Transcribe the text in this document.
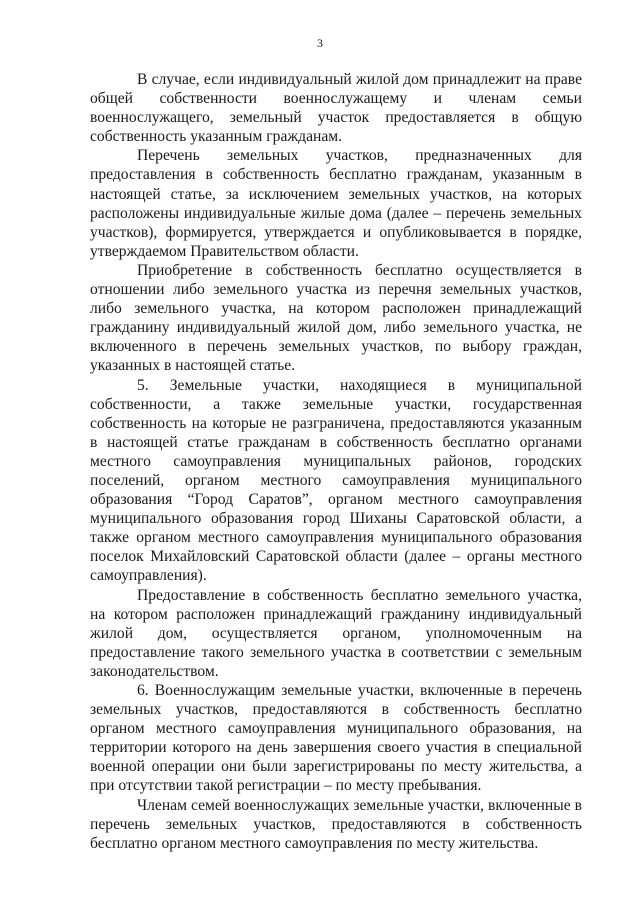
3

В случае, если индивидуальный жилой дом принадлежит на праве общей собственности военнослужащему и членам семьи военнослужащего, земельный участок предоставляется в общую собственность указанным гражданам.

Перечень земельных участков, предназначенных для предоставления в собственность бесплатно гражданам, указанным в настоящей статье, за исключением земельных участков, на которых расположены индивидуальные жилые дома (далее – перечень земельных участков), формируется, утверждается и опубликовывается в порядке, утверждаемом Правительством области.

Приобретение в собственность бесплатно осуществляется в отношении либо земельного участка из перечня земельных участков, либо земельного участка, на котором расположен принадлежащий гражданину индивидуальный жилой дом, либо земельного участка, не включенного в перечень земельных участков, по выбору граждан, указанных в настоящей статье.

5. Земельные участки, находящиеся в муниципальной собственности, а также земельные участки, государственная собственность на которые не разграничена, предоставляются указанным в настоящей статье гражданам в собственность бесплатно органами местного самоуправления муниципальных районов, городских поселений, органом местного самоуправления муниципального образования “Город Саратов”, органом местного самоуправления муниципального образования город Шиханы Саратовской области, а также органом местного самоуправления муниципального образования поселок Михайловский Саратовской области (далее – органы местного самоуправления).

Предоставление в собственность бесплатно земельного участка, на котором расположен принадлежащий гражданину индивидуальный жилой дом, осуществляется органом, уполномоченным на предоставление такого земельного участка в соответствии с земельным законодательством.

6. Военнослужащим земельные участки, включенные в перечень земельных участков, предоставляются в собственность бесплатно органом местного самоуправления муниципального образования, на территории которого на день завершения своего участия в специальной военной операции они были зарегистрированы по месту жительства, а при отсутствии такой регистрации – по месту пребывания.

Членам семей военнослужащих земельные участки, включенные в перечень земельных участков, предоставляются в собственность бесплатно органом местного самоуправления по месту жительства.
